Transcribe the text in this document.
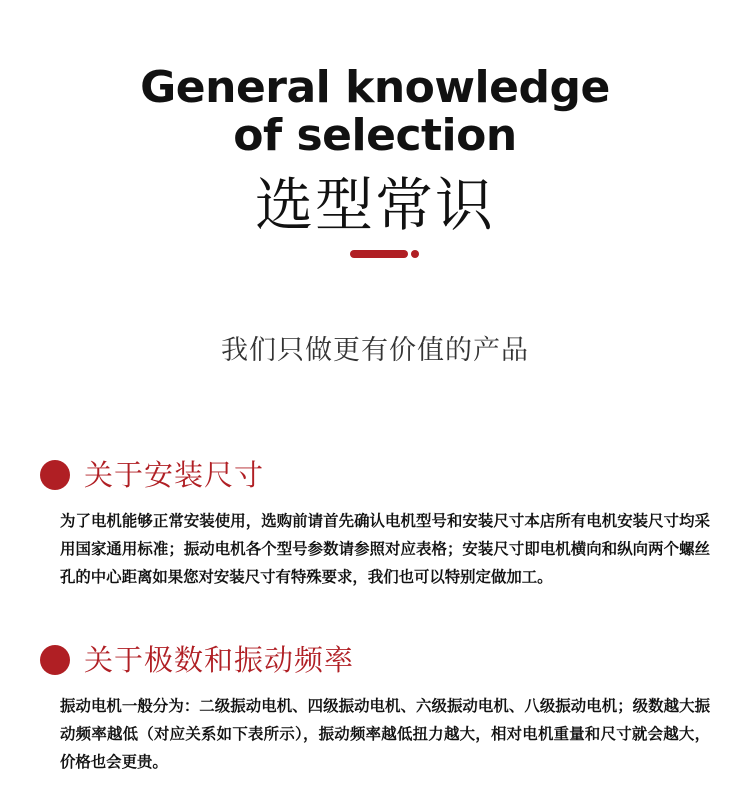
General knowledge
of selection
选型常识
我们只做更有价值的产品
关于安装尺寸
为了电机能够正常安装使用，选购前请首先确认电机型号和安装尺寸本店所有电机安装尺寸均采用国家通用标准；振动电机各个型号参数请参照对应表格；安装尺寸即电机横向和纵向两个螺丝孔的中心距离如果您对安装尺寸有特殊要求，我们也可以特别定做加工。
关于极数和振动频率
振动电机一般分为：二级振动电机、四级振动电机、六级振动电机、八级振动电机；级数越大振动频率越低（对应关系如下表所示），振动频率越低扭力越大，相对电机重量和尺寸就会越大，价格也会更贵。
